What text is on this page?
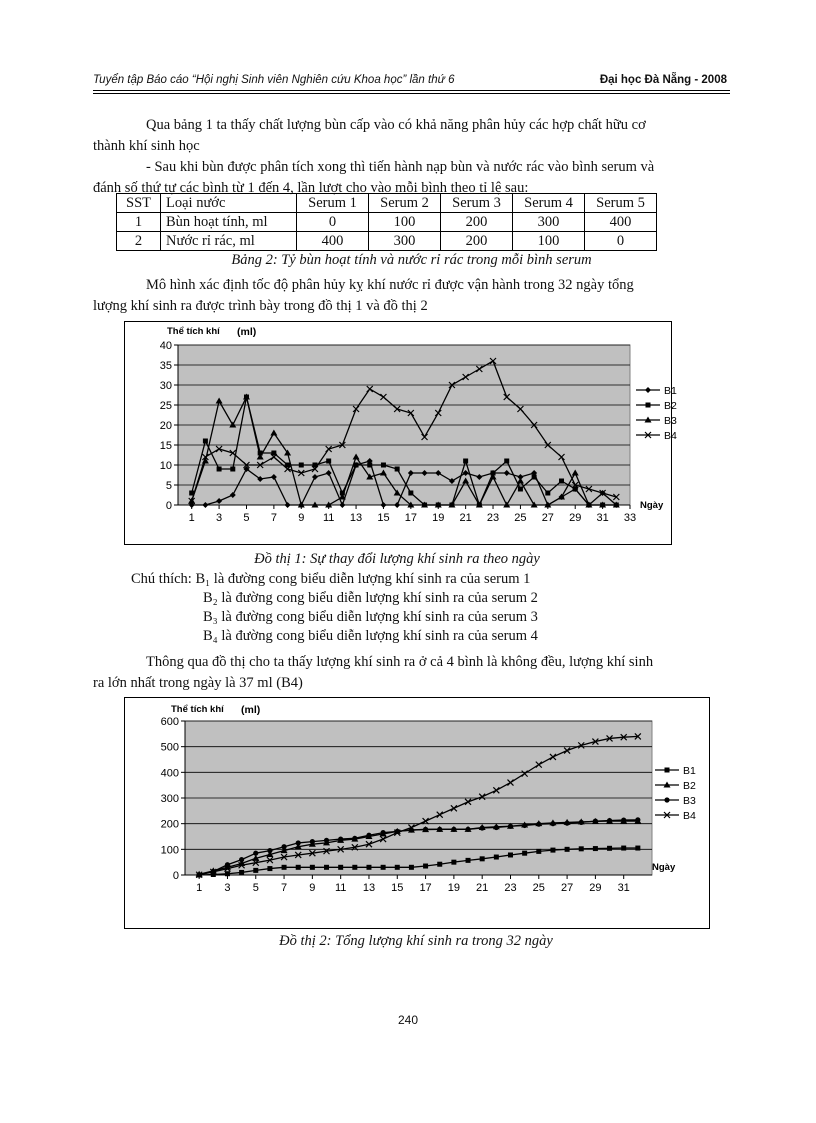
Tuyển tập Báo cáo “Hội nghị Sinh viên Nghiên cứu Khoa học” lần thứ 6	Đại học Đà Nẵng - 2008
Qua bảng 1 ta thấy chất lượng bùn cấp vào có khả năng phân hủy các hợp chất hữu cơ
thành khí sinh học
- Sau khi bùn được phân tích xong thì tiến hành nạp bùn và nước rác vào bình serum và
đánh số thứ tự các bình từ 1 đến 4, lần lượt cho vào mỗi bình theo tỉ lệ sau:
SST	Loại nước	Serum 1	Serum 2	Serum 3	Serum 4	Serum 5
1	Bùn hoạt tính, ml	0	100	200	300	400
2	Nước rỉ rác, ml	400	300	200	100	0
Bảng 2: Tỷ bùn hoạt tính và nước rỉ rác trong mỗi bình serum
Mô hình xác định tốc độ phân hủy kỵ khí nước rỉ được vận hành trong 32 ngày tổng
lượng khí sinh ra được trình bày trong đồ thị 1 và đồ thị 2
0
5
10
15
20
25
30
35
40
1 3 5 7 9 11 13 15 17 19 21 23 25 27 29 31 33
Thể tích khí (ml)
Ngày
B1
B2
B3
B4
Đồ thị 1: Sự thay đổi lượng khí sinh ra theo ngày
Chú thích: B₁ là đường cong biểu diễn lượng khí sinh ra của serum 1
B₂ là đường cong biểu diễn lượng khí sinh ra của serum 2
B₃ là đường cong biểu diễn lượng khí sinh ra của serum 3
B₄ là đường cong biểu diễn lượng khí sinh ra của serum 4
Thông qua đồ thị cho ta thấy lượng khí sinh ra ở cả 4 bình là không đều, lượng khí sinh
ra lớn nhất trong ngày là 37 ml (B4)
0
100
200
300
400
500
600
1 3 5 7 9 11 13 15 17 19 21 23 25 27 29 31
Thể tích khí (ml)
Ngày
B1
B2
B3
B4
Đồ thị 2: Tổng lượng khí sinh ra trong 32 ngày
240
